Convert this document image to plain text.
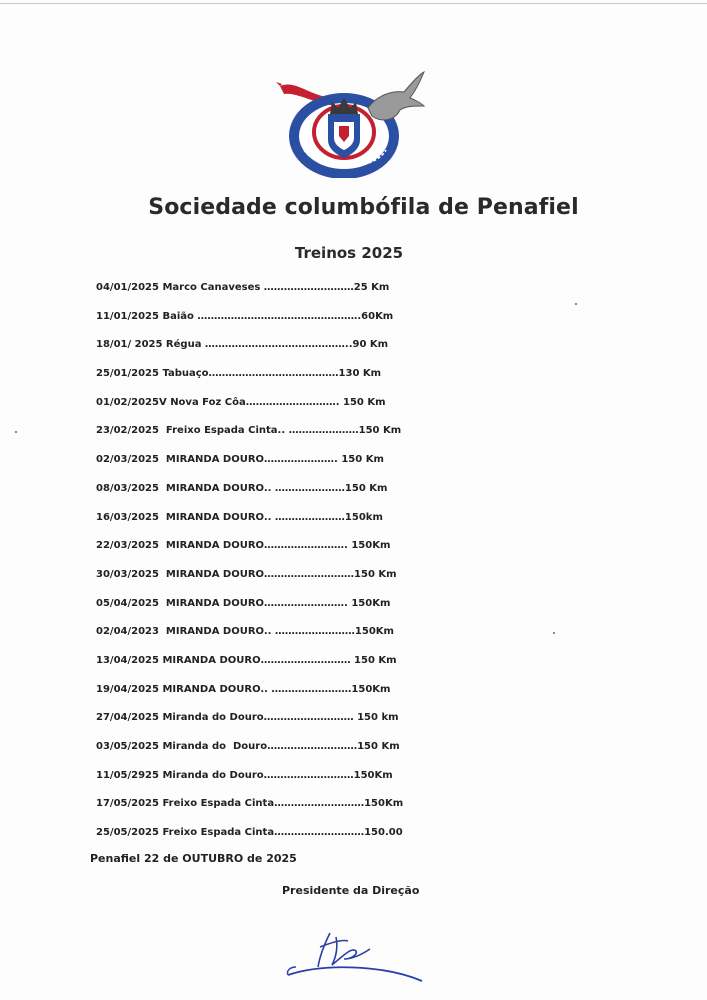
Sociedade columbófila de Penafiel
Treinos 2025
04/01/2025 Marco Canaveses ………………………25 Km
11/01/2025 Baião ………………………………………….60Km
18/01/ 2025 Régua ……………………………………..90 Km
25/01/2025 Tabuaço…………………………………130 Km
01/02/2025V Nova Foz Côa………………………. 150 Km
23/02/2025  Freixo Espada Cinta.. …………………150 Km
02/03/2025  MIRANDA DOURO…………………. 150 Km
08/03/2025  MIRANDA DOURO.. …………………150 Km
16/03/2025  MIRANDA DOURO.. …………………150km
22/03/2025  MIRANDA DOURO……………………. 150Km
30/03/2025  MIRANDA DOURO………………………150 Km
05/04/2025  MIRANDA DOURO……………………. 150Km
02/04/2023  MIRANDA DOURO.. ……………………150Km
13/04/2025 MIRANDA DOURO……………………… 150 Km
19/04/2025 MIRANDA DOURO.. ……………………150Km
27/04/2025 Miranda do Douro……………………… 150 km
03/05/2025 Miranda do  Douro………………………150 Km
11/05/2925 Miranda do Douro………………………150Km
17/05/2025 Freixo Espada Cinta………………………150Km
25/05/2025 Freixo Espada Cinta………………………150.00
Penafiel 22 de OUTUBRO de 2025
Presidente da Direção
